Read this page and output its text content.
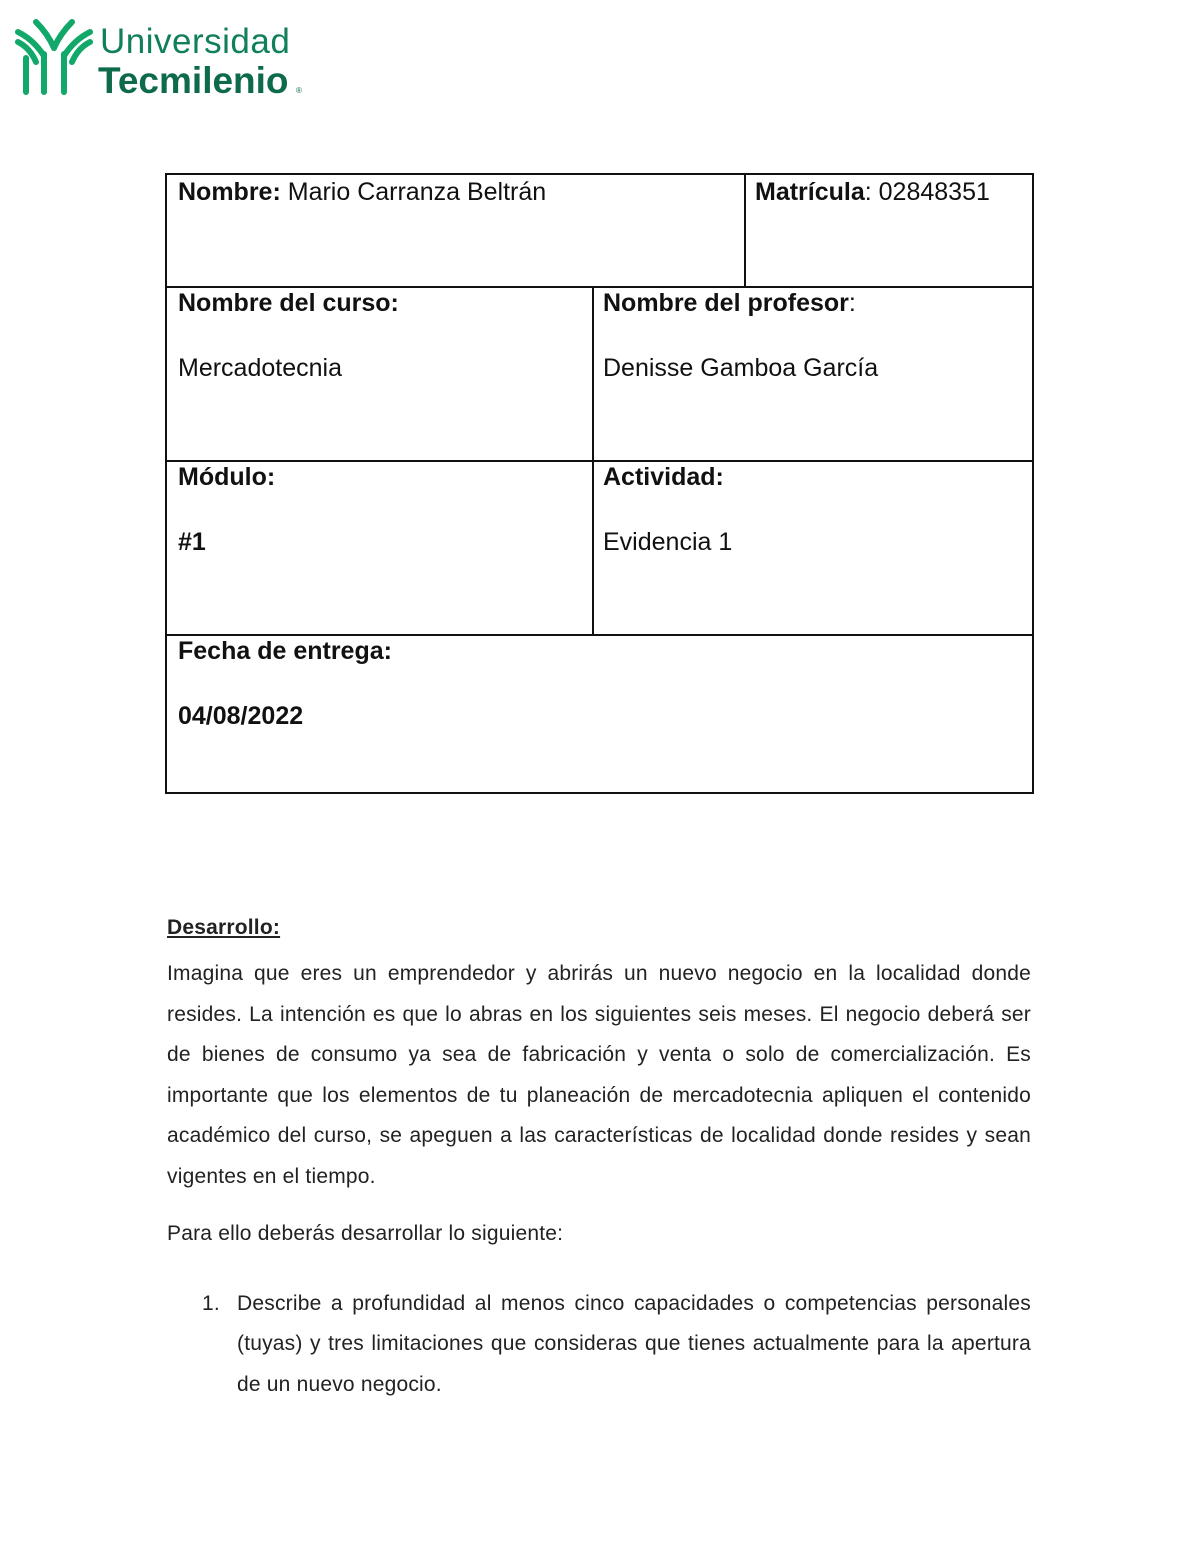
Universidad
Tecmilenio ®
Nombre: Mario Carranza Beltrán	Matrícula: 02848351
Nombre del curso:
Mercadotecnia
Nombre del profesor:
Denisse Gamboa García
Módulo:
#1
Actividad:
Evidencia 1
Fecha de entrega:
04/08/2022

Desarrollo:

Imagina que eres un emprendedor y abrirás un nuevo negocio en la localidad donde resides. La intención es que lo abras en los siguientes seis meses. El negocio deberá ser de bienes de consumo ya sea de fabricación y venta o solo de comercialización. Es importante que los elementos de tu planeación de mercadotecnia apliquen el contenido académico del curso, se apeguen a las características de localidad donde resides y sean vigentes en el tiempo.

Para ello deberás desarrollar lo siguiente:

1. Describe a profundidad al menos cinco capacidades o competencias personales (tuyas) y tres limitaciones que consideras que tienes actualmente para la apertura de un nuevo negocio.
